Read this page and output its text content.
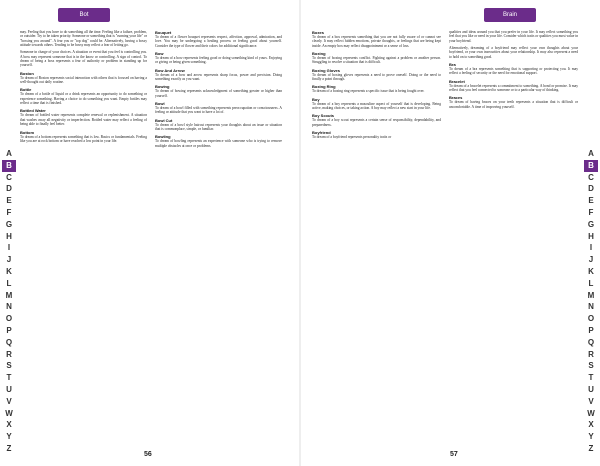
Bot

may. Feeling that you have to do something all the time. Feeling like a failure, problem, or outsider. Try to be taken priority. Someone or something that is "running your life" or "bossing you around". A fear you or "top dog" could be. Alternatively, having a bossy attitude towards others. Tending to be bossy may reflect a fear of letting go.

Someone in charge of your choices. A situation or event that you feel is controlling you. A boss may represent someone that is in the know or controlling. A sign of control. To dream of being a boss represents a fear of authority or problem in standing up for yourself.

Boston

To dream of Boston represents social interaction with others that is focused on having a well-thought out daily routine.

Bottle

To dream of a bottle of liquid or a drink represents an opportunity to do something or experience something. Having a choice to do something you want. Empty bottles may reflect a time that is finished.

Bottled Water

To dream of bottled water represents complete renewal or replenishment. A situation that washes away all negativity or imperfection. Bottled water may reflect a feeling of being able to finally feel better.

Bottom

To dream of a bottom represents something that is low. Basics or fundamentals. Feeling like you are at rock bottom or have reached a low point in your life.

Bouquet

To dream of a flower bouquet represents respect, affection, approval, admiration, and love. You may be undergoing a healing process or feeling good about yourself. Consider the type of flower and their colors for additional significance.

Bow

To dream of a bow represents feeling good or doing something kind of yours. Enjoying or giving or being given something.

Bow And Arrow

To dream of a bow and arrow represents sharp focus, power and precision. Doing something exactly as you want.

Bowing

To dream of bowing represents acknowledgment of something greater or higher than yourself.

Bowl

To dream of a bowl filled with something represents preoccupation or consciousness. A feeling or attitude that you want to have a lot of.

Bowl Cut

To dream of a bowl style haircut represents your thoughts about an issue or situation that is commonplace, simple, or familiar.

Bowling

To dream of bowling represents an experience with someone who is trying to remove multiple obstacles at once or problems.

A
B
C
D
E
F
G
H
I
J
K
L
M
N
O
P
Q
R
S
T
U
V
W
X
Y
Z
56
Brain
Boxes

To dream of a box represents something that you are not fully aware of or cannot see clearly. It may reflect hidden emotions, private thoughts, or feelings that are being kept inside. An empty box may reflect disappointment or a sense of loss.

Boxing

To dream of boxing represents conflict. Fighting against a problem or another person. Struggling to resolve a situation that is difficult.

Boxing Gloves

To dream of boxing gloves represents a need to prove oneself. Doing or the need to finally a point through.

Boxing Ring

To dream of a boxing ring represents a specific issue that is being fought over.

Boy

To dream of a boy represents a masculine aspect of yourself that is developing. Being active, making choices, or taking action. A boy may reflect a new start in your life.

Boy Scouts

To dream of a boy scout represents a certain sense of responsibility, dependability, and preparedness.

Boyfriend

To dream of a boyfriend represents personality traits or

qualities and ideas around you that you prefer in your life. It may reflect something you feel that you like or need in your life. Consider which traits or qualities you most value in your boyfriend.

Alternatively, dreaming of a boyfriend may reflect your own thoughts about your boyfriend, or your own insecurities about your relationship. It may also represent a need to hold on to something good.

Bra

To dream of a bra represents something that is supporting or protecting you. It may reflect a feeling of security or the need for emotional support.

Bracelet

To dream of a bracelet represents a commitment to something. A bond or promise. It may reflect that you feel connected to someone or to a particular way of thinking.

Braces

To dream of having braces on your teeth represents a situation that is difficult or uncomfortable. A time of improving yourself.

A
B
C
D
E
F
G
H
I
J
K
L
M
N
O
P
Q
R
S
T
U
V
W
X
Y
Z
57
